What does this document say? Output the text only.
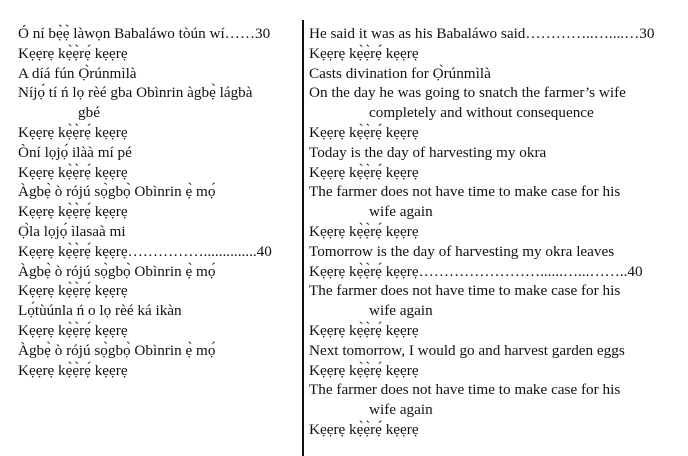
Ó ní bẹ̀ẹ̀ làwọn Babaláwo tòún wí……30
Kẹẹrẹ kẹ̀ẹ̀rẹ́ kẹẹrẹ
A díá fún Ọ̀rúnmìlà
Níjọ́ tí ń lọ rèé gba Obìnrin àgbẹ̀ lágbà
gbé
Kẹẹrẹ kẹ̀ẹ̀rẹ́ kẹẹrẹ
Òní lọjọ́ ilàà mí pé
Kẹẹrẹ kẹ̀ẹ̀rẹ́ kẹẹrẹ
Àgbẹ̀ ò rójú sọ̀gbọ̀ Obìnrin ẹ̀ mọ́
Kẹẹrẹ kẹ̀ẹ̀rẹ́ kẹẹrẹ
Ọ̀la lọjọ́ ìlasaà mi
Kẹẹrẹ kẹ̀ẹ̀rẹ́ kẹẹrẹ……………..............40
Àgbẹ̀ ò rójú sọ̀gbọ̀ Obìnrin ẹ̀ mọ́
Kẹẹrẹ kẹ̀ẹ̀rẹ́ kẹẹrẹ
Lọ́tùúnla ń o lọ rèé ká ikàn
Kẹẹrẹ kẹ̀ẹ̀rẹ́ kẹẹrẹ
Àgbẹ̀ ò rójú sọ̀gbọ̀ Obìnrin ẹ̀ mọ́
Kẹẹrẹ kẹ̀ẹ̀rẹ́ kẹẹrẹ
He said it was as his Babaláwo said…………..…....…30
Kẹẹrẹ kẹ̀ẹ̀rẹ́ kẹẹrẹ
Casts divination for Ọ̀rúnmìlà
On the day he was going to snatch the farmer’s wife
completely and without consequence
Kẹẹrẹ kẹ̀ẹ̀rẹ́ kẹẹrẹ
Today is the day of harvesting my okra
Kẹẹrẹ kẹ̀ẹ̀rẹ́ kẹẹrẹ
The farmer does not have time to make case for his
wife again
Kẹẹrẹ kẹ̀ẹ̀rẹ́ kẹẹrẹ
Tomorrow is the day of harvesting my okra leaves
Kẹẹrẹ kẹ̀ẹ̀rẹ́ kẹẹrẹ……………………......…...……..40
The farmer does not have time to make case for his
wife again
Kẹẹrẹ kẹ̀ẹ̀rẹ́ kẹẹrẹ
Next tomorrow, I would go and harvest garden eggs
Kẹẹrẹ kẹ̀ẹ̀rẹ́ kẹẹrẹ
The farmer does not have time to make case for his
wife again
Kẹẹrẹ kẹ̀ẹ̀rẹ́ kẹẹrẹ
